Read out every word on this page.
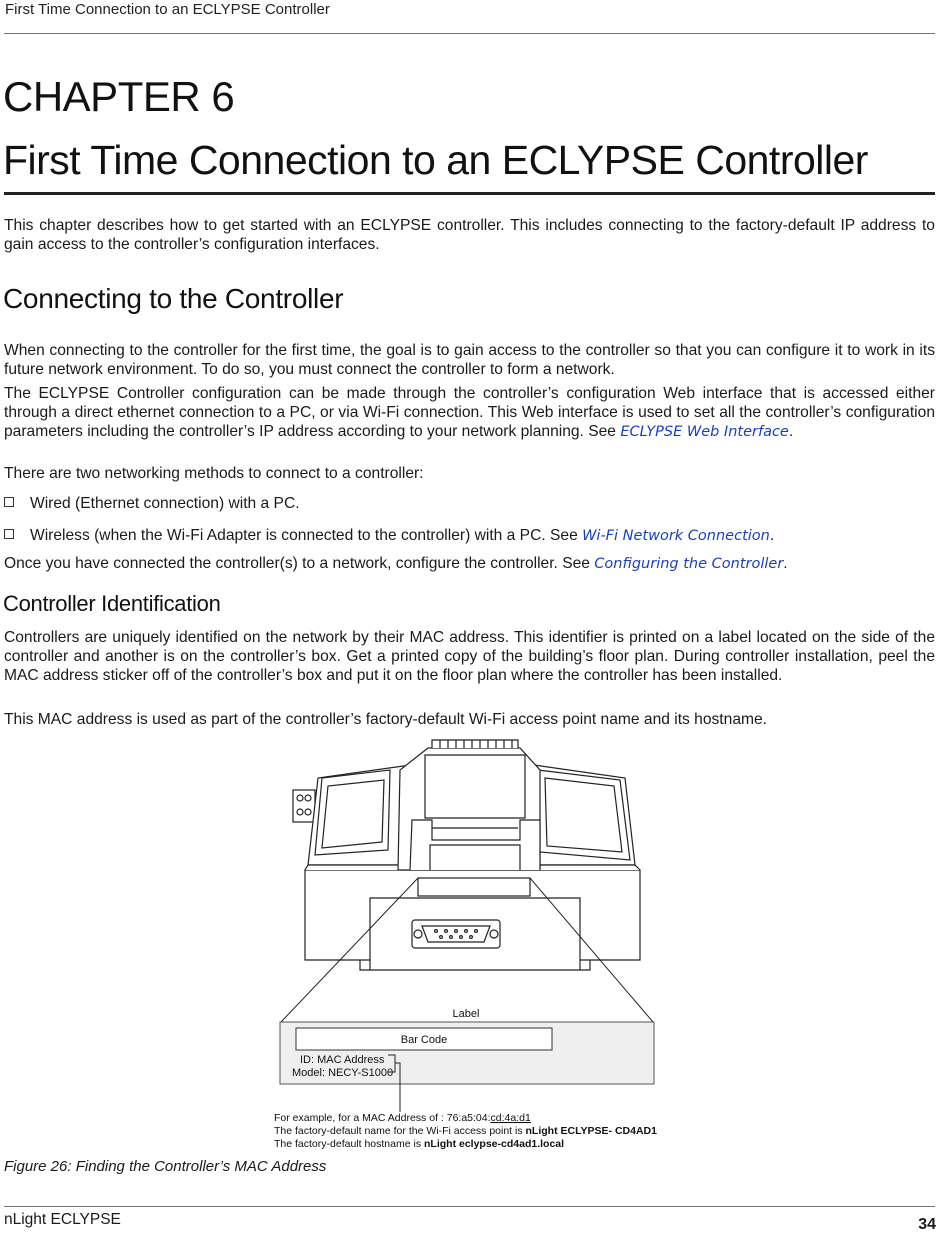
First Time Connection to an ECLYPSE Controller
CHAPTER 6
First Time Connection to an ECLYPSE Controller

This chapter describes how to get started with an ECLYPSE controller. This includes connecting to the factory-default IP address to gain access to the controller’s configuration interfaces.

Connecting to the Controller

When connecting to the controller for the first time, the goal is to gain access to the controller so that you can configure it to work in its future network environment. To do so, you must connect the controller to form a network.

The ECLYPSE Controller configuration can be made through the controller’s configuration Web interface that is accessed either through a direct ethernet connection to a PC, or via Wi-Fi connection. This Web interface is used to set all the controller’s configuration parameters including the controller’s IP address according to your network planning. See ECLYPSE Web Interface.

There are two networking methods to connect to a controller:

Wired (Ethernet connection) with a PC.
Wireless (when the Wi-Fi Adapter is connected to the controller) with a PC. See Wi-Fi Network Connection.

Once you have connected the controller(s) to a network, configure the controller. See Configuring the Controller.

Controller Identification

Controllers are uniquely identified on the network by their MAC address. This identifier is printed on a label located on the side of the controller and another is on the controller’s box. Get a printed copy of the building’s floor plan. During controller installation, peel the MAC address sticker off of the controller’s box and put it on the floor plan where the controller has been installed.

This MAC address is used as part of the controller’s factory-default Wi-Fi access point name and its hostname.

Label
Bar Code
ID: MAC Address
Model: NECY-S1000
For example, for a MAC Address of : 76:a5:04:cd:4a:d1
The factory-default name for the Wi-Fi access point is nLight ECLYPSE- CD4AD1
The factory-default hostname is nLight eclypse-cd4ad1.local
Figure 26: Finding the Controller’s MAC Address
nLight ECLYPSE	34
